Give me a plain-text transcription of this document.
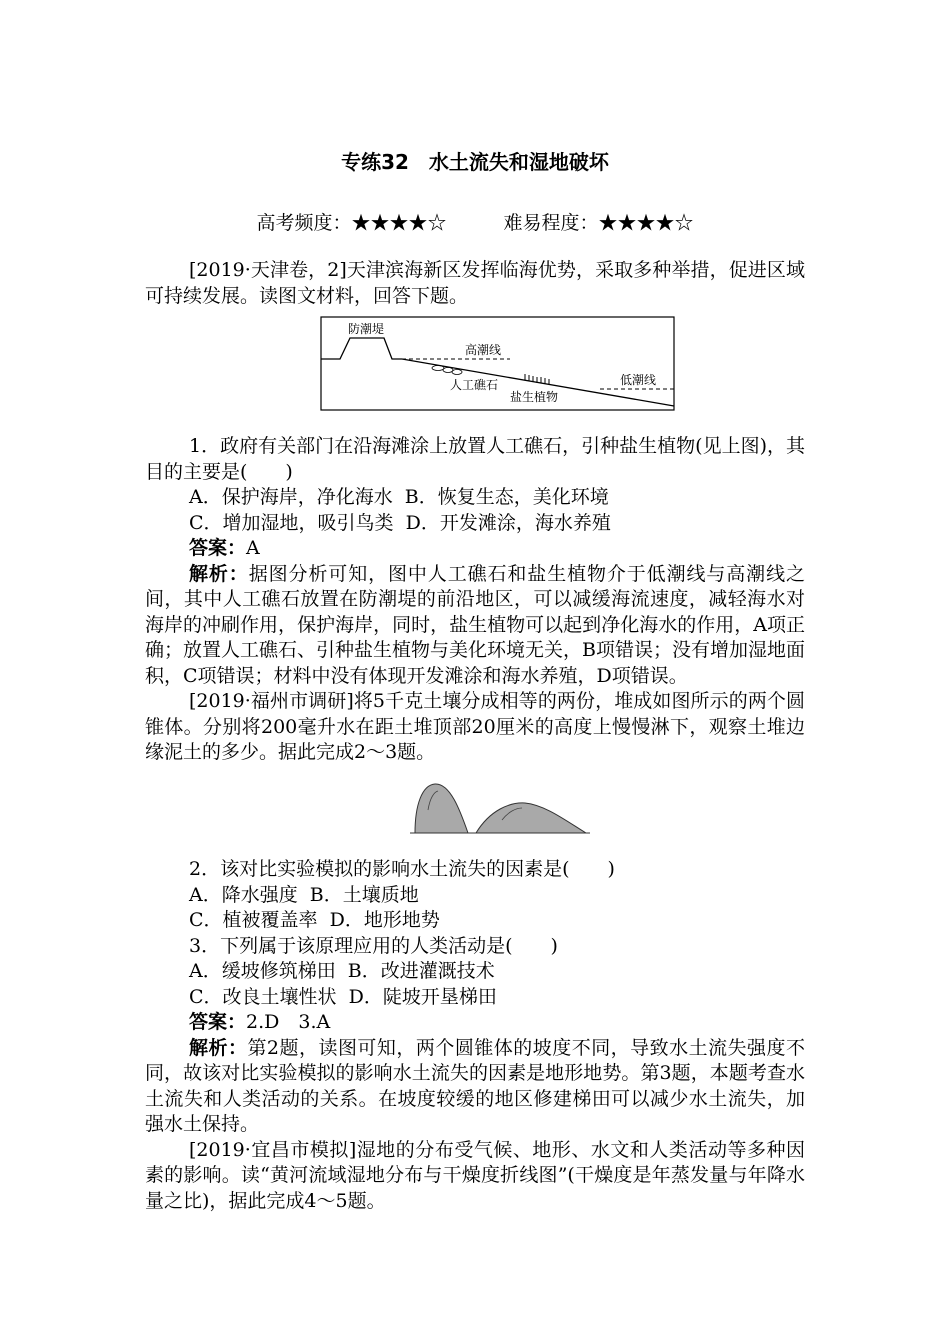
专练32　水土流失和湿地破坏
高考频度：★★★★☆　　　	难易程度：★★★★☆

[2019·天津卷，2]天津滨海新区发挥临海优势，采取多种举措，促进区域可持续发展。读图文材料，回答下题。

防潮堤
高潮线
人工礁石
盐生植物
低潮线

1．政府有关部门在沿海滩涂上放置人工礁石，引种盐生植物(见上图)，其目的主要是(　　)

A．保护海岸，净化海水  B．恢复生态，美化环境

C．增加湿地，吸引鸟类  D．开发滩涂，海水养殖

答案：A

解析：据图分析可知，图中人工礁石和盐生植物介于低潮线与高潮线之间，其中人工礁石放置在防潮堤的前沿地区，可以减缓海流速度，减轻海水对海岸的冲刷作用，保护海岸，同时，盐生植物可以起到净化海水的作用，A项正确；放置人工礁石、引种盐生植物与美化环境无关，B项错误；没有增加湿地面积，C项错误；材料中没有体现开发滩涂和海水养殖，D项错误。

[2019·福州市调研]将5千克土壤分成相等的两份，堆成如图所示的两个圆锥体。分别将200毫升水在距土堆顶部20厘米的高度上慢慢淋下，观察土堆边缘泥土的多少。据此完成2～3题。

2．该对比实验模拟的影响水土流失的因素是(　　)

A．降水强度  B．土壤质地

C．植被覆盖率  D．地形地势

3．下列属于该原理应用的人类活动是(　　)

A．缓坡修筑梯田  B．改进灌溉技术

C．改良土壤性状  D．陡坡开垦梯田

答案：2.D　3.A

解析：第2题，读图可知，两个圆锥体的坡度不同，导致水土流失强度不同，故该对比实验模拟的影响水土流失的因素是地形地势。第3题，本题考查水土流失和人类活动的关系。在坡度较缓的地区修建梯田可以减少水土流失，加强水土保持。

[2019·宜昌市模拟]湿地的分布受气候、地形、水文和人类活动等多种因素的影响。读“黄河流域湿地分布与干燥度折线图”(干燥度是年蒸发量与年降水量之比)，据此完成4～5题。
